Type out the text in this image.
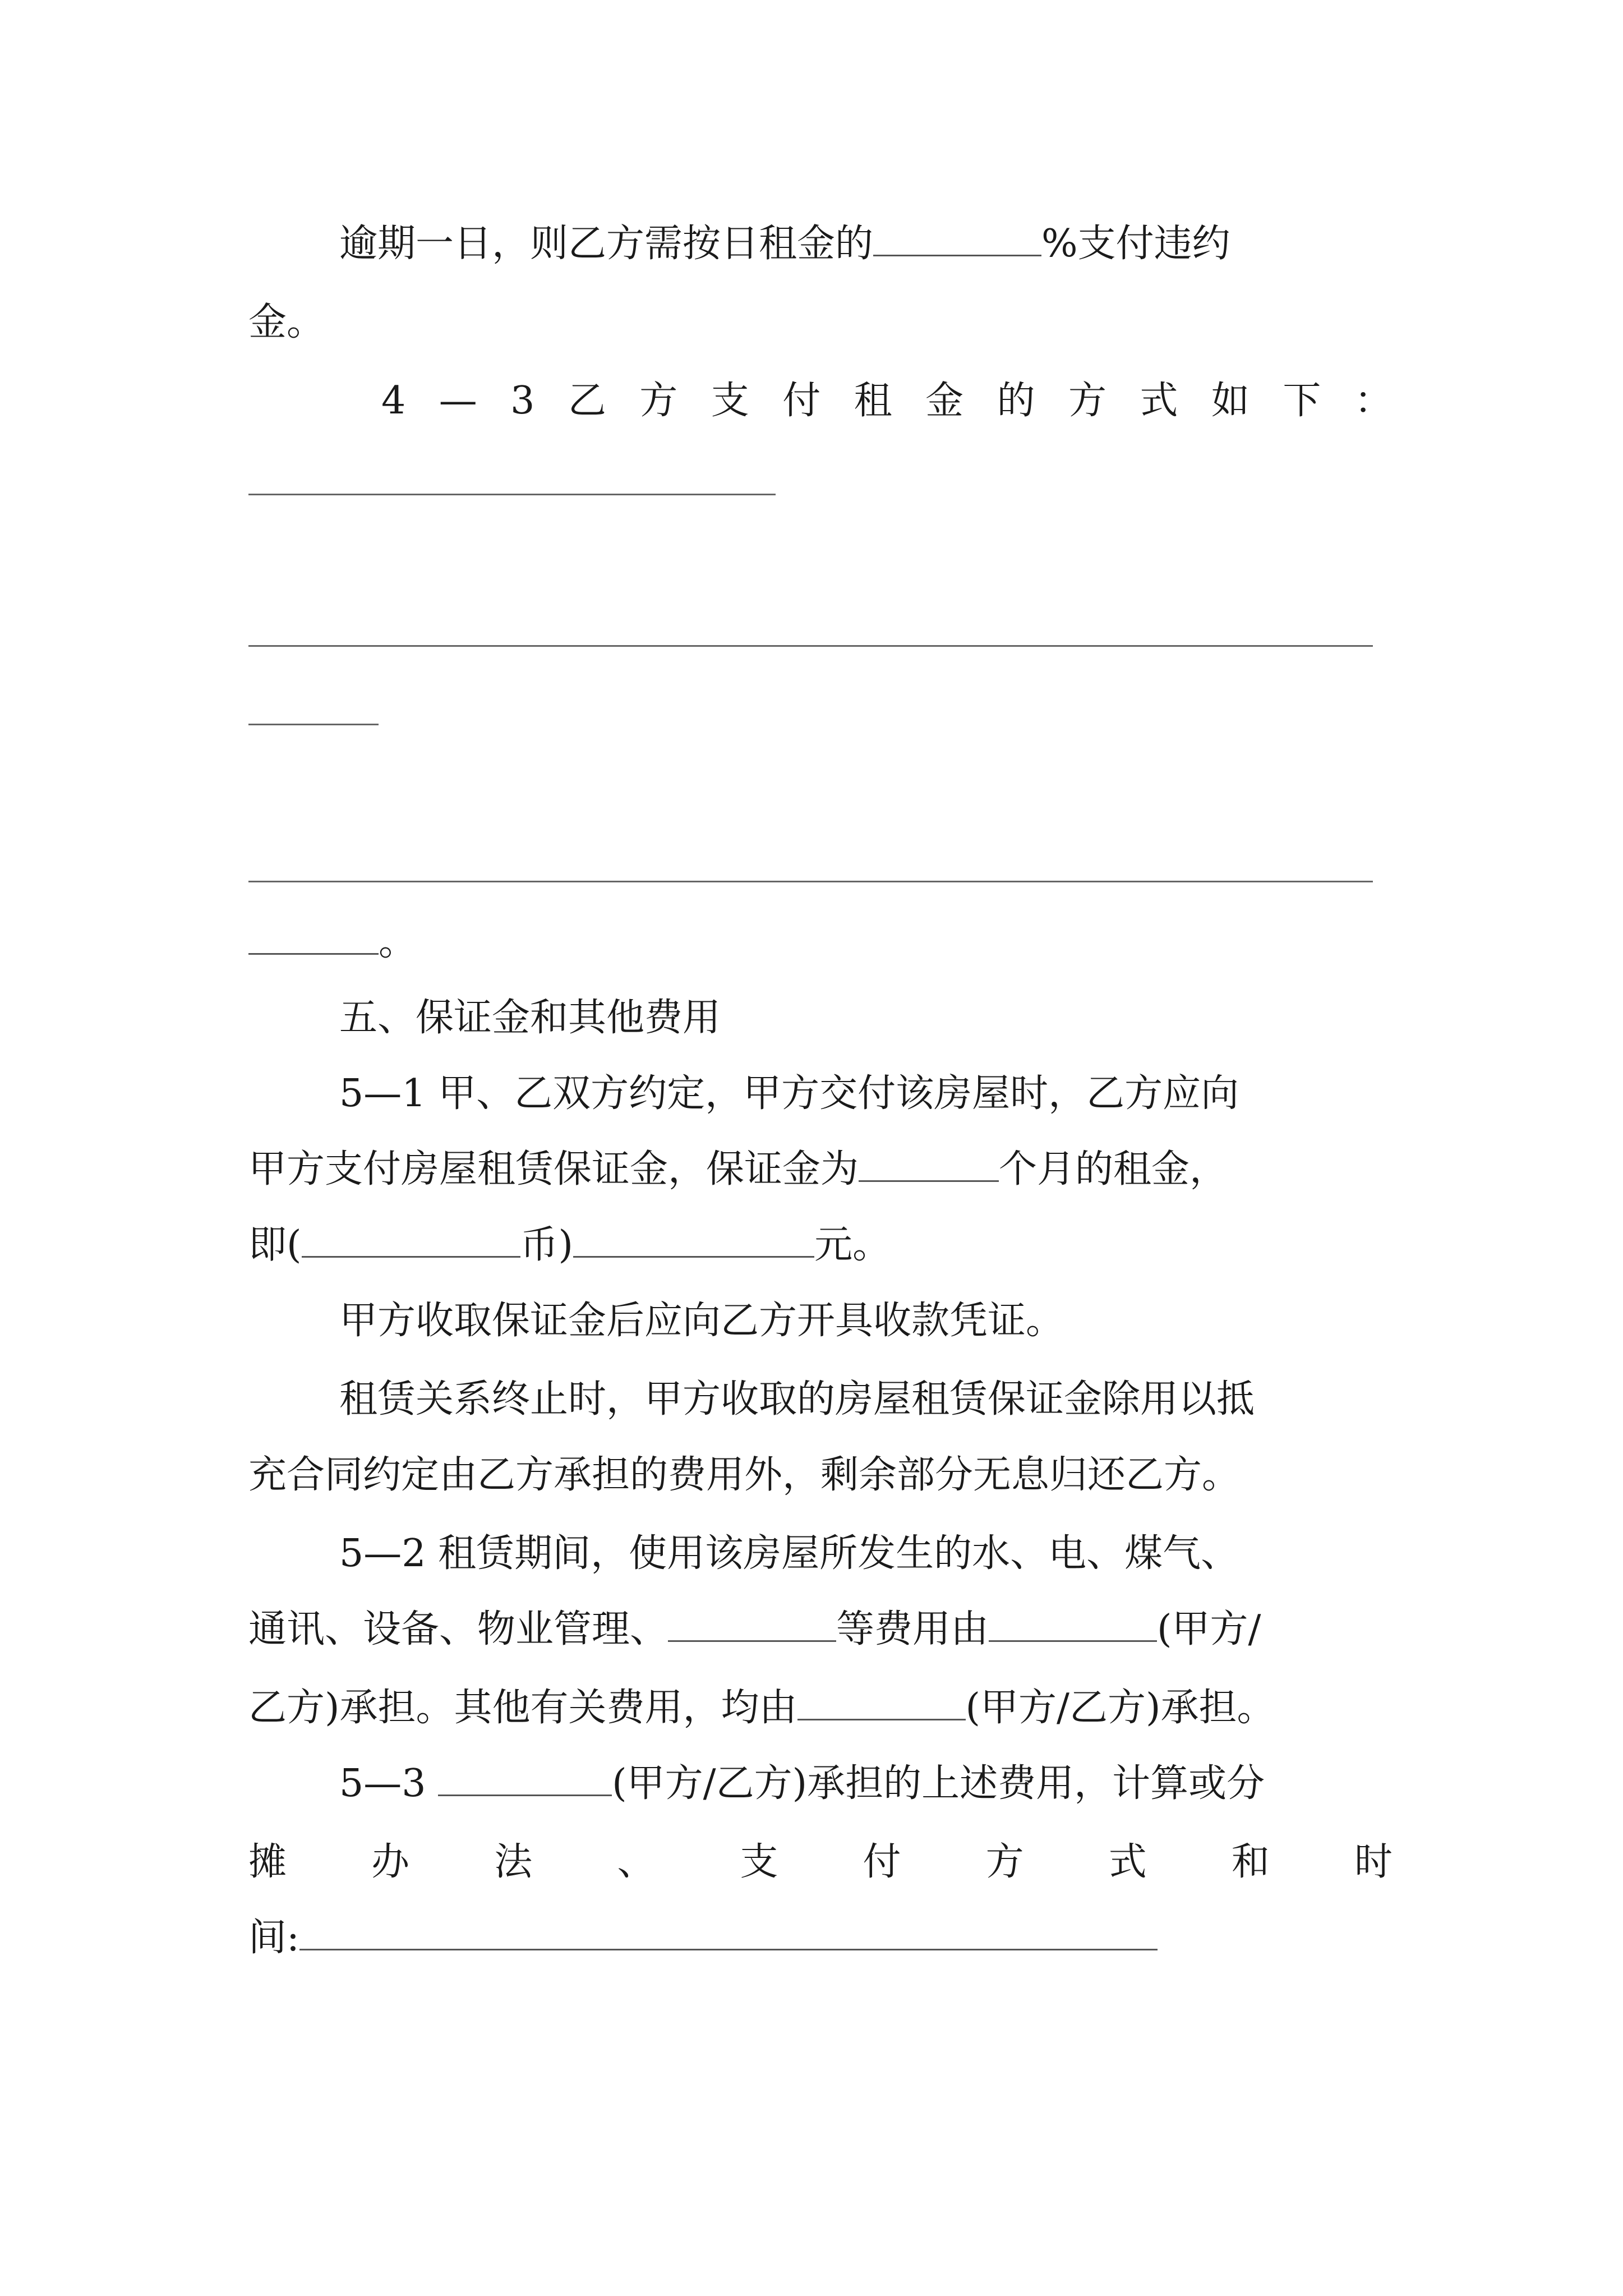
逾期一日，则乙方需按日租金的	%支付违约
金。
4 — 3 乙 方 支 付 租 金 的 方 式 如 下 ：
。
五、保证金和其他费用
5—1 甲、乙双方约定，甲方交付该房屋时，乙方应向
甲方支付房屋租赁保证金，保证金为	个月的租金，
即(	币)	元。
甲方收取保证金后应向乙方开具收款凭证。
租赁关系终止时，甲方收取的房屋租赁保证金除用以抵
充合同约定由乙方承担的费用外，剩余部分无息归还乙方。
5—2 租赁期间，使用该房屋所发生的水、电、煤气、
通讯、设备、物业管理、	等费用由	(甲方/
乙方)承担。其他有关费用，均由	(甲方/乙方)承担。
5—3	(甲方/乙方)承担的上述费用，计算或分
摊 办 法 、 支 付 方 式 和 时
间:
